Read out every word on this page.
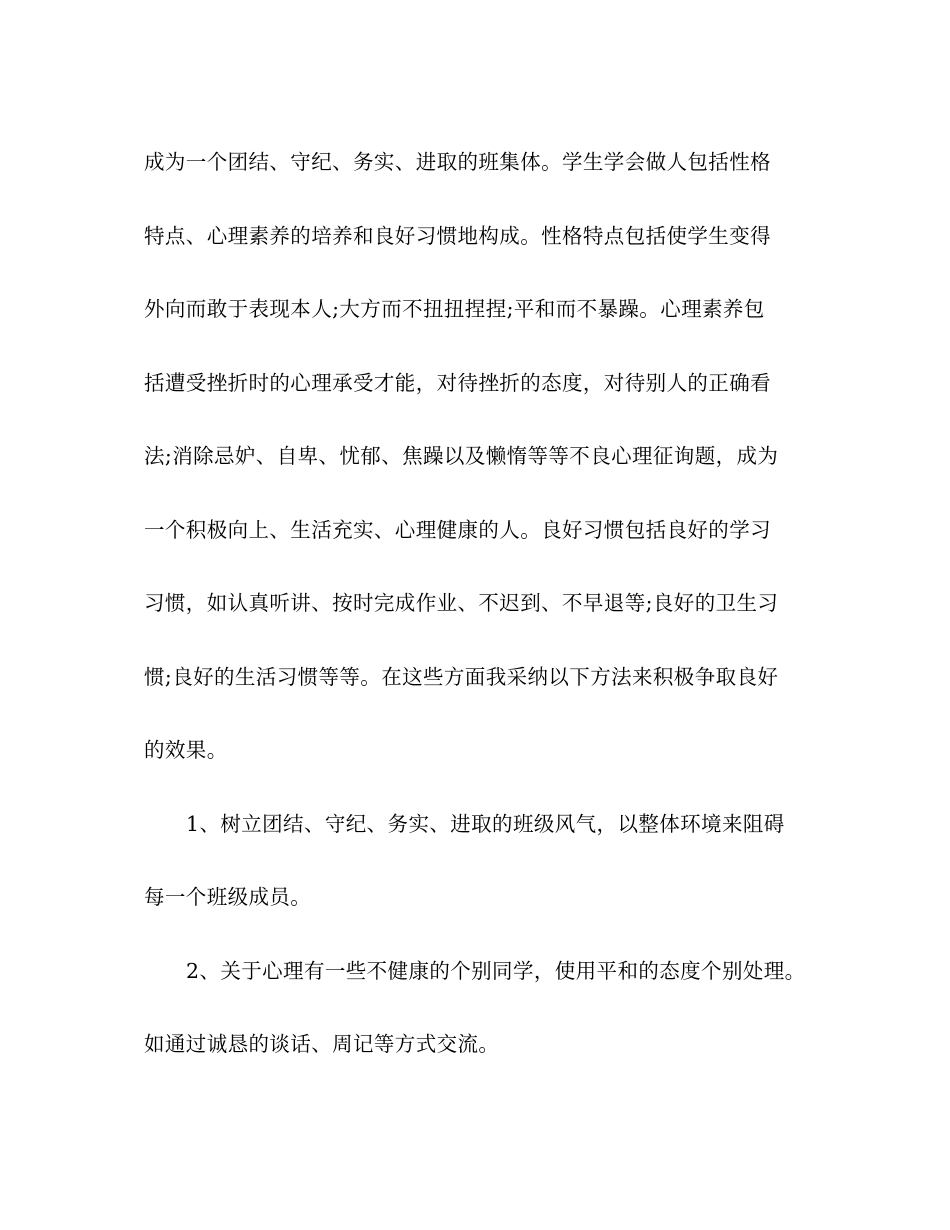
成为一个团结、守纪、务实、进取的班集体。学生学会做人包括性格
特点、心理素养的培养和良好习惯地构成。性格特点包括使学生变得
外向而敢于表现本人;大方而不扭扭捏捏;平和而不暴躁。心理素养包
括遭受挫折时的心理承受才能，对待挫折的态度，对待别人的正确看
法;消除忌妒、自卑、忧郁、焦躁以及懒惰等等不良心理征询题，成为
一个积极向上、生活充实、心理健康的人。良好习惯包括良好的学习
习惯，如认真听讲、按时完成作业、不迟到、不早退等;良好的卫生习
惯;良好的生活习惯等等。在这些方面我采纳以下方法来积极争取良好
的效果。
1、树立团结、守纪、务实、进取的班级风气，以整体环境来阻碍
每一个班级成员。
2、关于心理有一些不健康的个别同学，使用平和的态度个别处理。
如通过诚恳的谈话、周记等方式交流。
